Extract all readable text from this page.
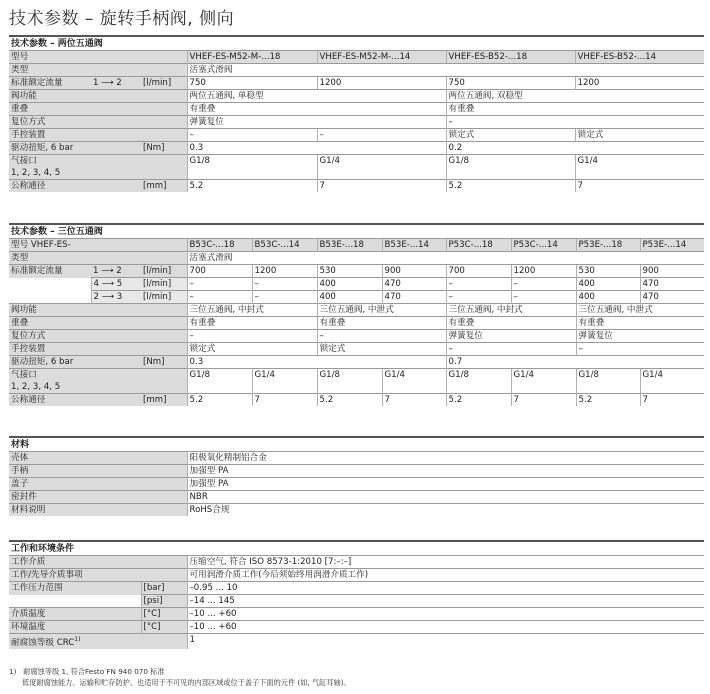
技术参数 – 旋转手柄阀, 侧向
技术参数 – 两位五通阀						
型号			VHEF-ES-M52-M-...18	VHEF-ES-M52-M-...14	VHEF-ES-B52-...18	VHEF-ES-B52-...14
类型			活塞式滑阀			
标准额定流量	1 ⟶ 2	[l/min]	750	1200	750	1200
阀功能			两位五通阀, 单稳型		两位五通阀, 双稳型	
重叠			有重叠		有重叠	
复位方式			弹簧复位		–	
手控装置			–	–	锁定式	锁定式
驱动扭矩, 6 bar		[Nm]	0.3		0.2	

气接口
1, 2, 3, 4, 5			G1/8	G1/4	G1/8	G1/4
公称通径		[mm]	5.2	7	5.2	7
技术参数 – 三位五通阀										
型号 VHEF-ES-			B53C-...18	B53C-...14	B53E-...18	B53E-...14	P53C-...18	P53C-...14	P53E-...18	P53E-...14
类型			活塞式滑阀							
标准额定流量	1 ⟶ 2	[l/min]	700	1200	530	900	700	1200	530	900
	4 ⟶ 5	[l/min]	–	–	400	470	–	–	400	470
	2 ⟶ 3	[l/min]	–	–	400	470	–	–	400	470
阀功能			三位五通阀, 中封式		三位五通阀, 中泄式		三位五通阀, 中封式		三位五通阀, 中泄式	
重叠			有重叠		有重叠		有重叠		有重叠	
复位方式			–		–		弹簧复位		弹簧复位	
手控装置			锁定式		锁定式		–		–	
驱动扭矩, 6 bar		[Nm]	0.3				0.7			

气接口
1, 2, 3, 4, 5			G1/8	G1/4	G1/8	G1/4	G1/8	G1/4	G1/8	G1/4
公称通径		[mm]	5.2	7	5.2	7	5.2	7	5.2	7
材料	
壳体	阳极氧化精制铝合金
手柄	加强型 PA
盖子	加强型 PA
密封件	NBR
材料说明	RoHS合规
工作和环境条件		
工作介质		压缩空气, 符合 ISO 8573-1:2010 [7:–:–]
工作/先导介质事项		可用润滑介质工作(今后须始终用润滑介质工作)
工作压力范围	[bar]	–0.95 ... 10
	[psi]	–14 ... 145
介质温度	[°C]	–10 ... +60
环境温度	[°C]	–10 ... +60
耐腐蚀等级 CRC$^{1)}$		1
1) 耐腐蚀等级 1, 符合Festo FN 940 070 标准
低度耐腐蚀能力。运输和贮存防护。也适用于不可见的内部区域或位于盖子下面的元件 (如, 气缸耳轴)。
